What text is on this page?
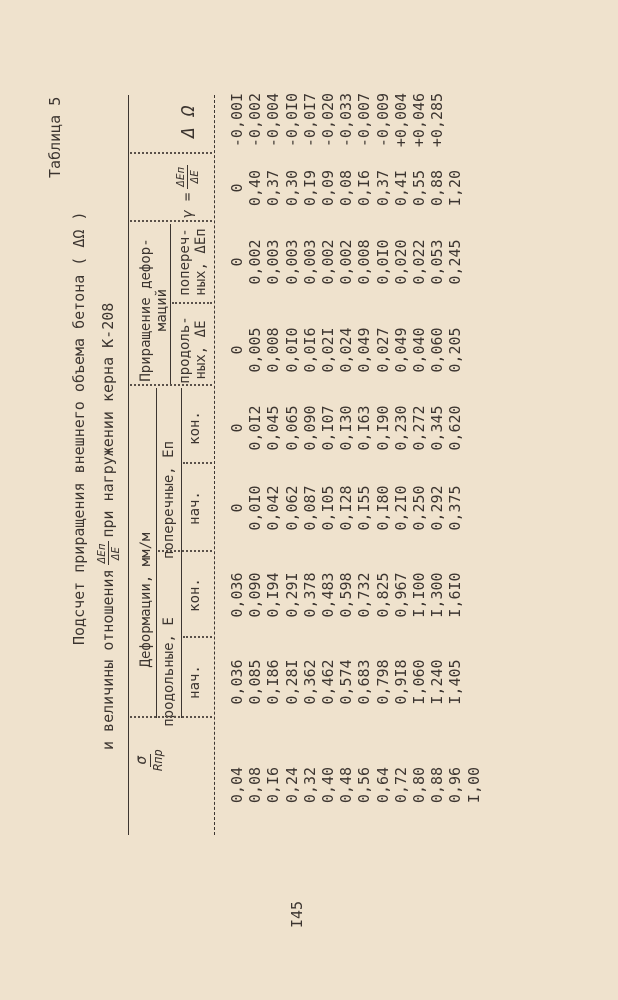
Таблица 5
Подсчет приращения внешнего объема бетона ( ΔΩ )
и величины отношения
ΔEп ΔE
при нагружении керна К-208
σ Rпр
Деформации, мм/м
Приращение дефор- маций
продольные, E
поперечные, Eп
нач.
кон.
нач.
кон.
продоль- ных, ΔE
попереч- ных, ΔEп
γ =
ΔEп ΔE
Δ Ω
0,04
0,036
0,036
0
0
0
0
0
-0,00I
0,08
0,085
0,090
0,0I0
0,0I2
0,005
0,002
0,40
-0,002
0,I6
0,I86
0,I94
0,042
0,045
0,008
0,003
0,37
-0,004
0,24
0,28I
0,29I
0,062
0,065
0,0I0
0,003
0,30
-0,0I0
0,32
0,362
0,378
0,087
0,090
0,0I6
0,003
0,I9
-0,0I7
0,40
0,462
0,483
0,I05
0,I07
0,02I
0,002
0,09
-0,020
0,48
0,574
0,598
0,I28
0,I30
0,024
0,002
0,08
-0,033
0,56
0,683
0,732
0,I55
0,I63
0,049
0,008
0,I6
-0,007
0,64
0,798
0,825
0,I80
0,I90
0,027
0,0I0
0,37
-0,009
0,72
0,9I8
0,967
0,2I0
0,230
0,049
0,020
0,4I
+0,004
0,80
I,060
I,I00
0,250
0,272
0,040
0,022
0,55
+0,046
0,88
I,240
I,300
0,292
0,345
0,060
0,053
0,88
+0,285
0,96
I,405
I,6I0
0,375
0,620
0,205
0,245
I,20
I,00
I45
